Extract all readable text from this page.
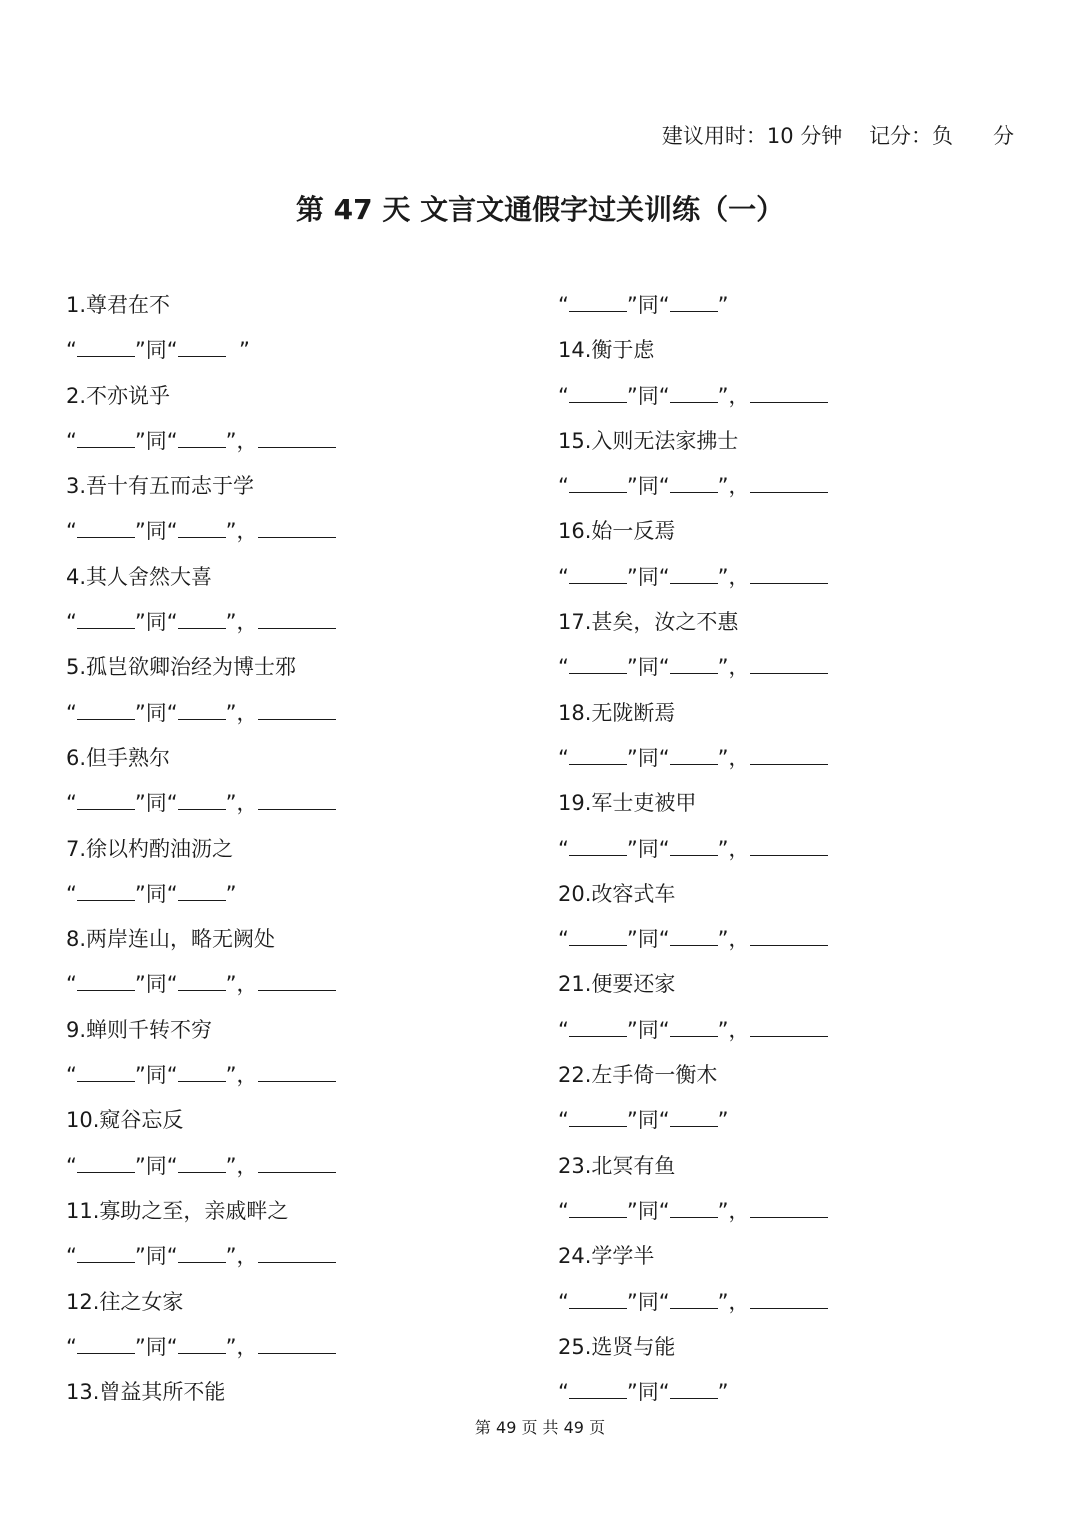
建议用时：10 分钟    记分：负      分
第 47 天 文言文通假字过关训练（一）
1.尊君在不
“	”同“  ”
2.不亦说乎
“	”同“ ”，
3.吾十有五而志于学
“	”同“ ”，
4.其人舍然大喜
“	”同“ ”，
5.孤岂欲卿治经为博士邪
“	”同“ ”，
6.但手熟尔
“	”同“ ”，
7.徐以杓酌油沥之
“	”同“ ”
8.两岸连山，略无阙处
“	”同“ ”，
9.蝉则千转不穷
“	”同“ ”，
10.窥谷忘反
“	”同“ ”，
11.寡助之至，亲戚畔之
“	”同“ ”，
12.往之女家
“	”同“ ”，
13.曾益其所不能
“	”同“ ”
14.衡于虑
“	”同“ ”，
15.入则无法家拂士
“	”同“ ”，
16.始一反焉
“	”同“ ”，
17.甚矣，汝之不惠
“	”同“ ”，
18.无陇断焉
“	”同“ ”，
19.军士吏被甲
“	”同“ ”，
20.改容式车
“	”同“ ”，
21.便要还家
“	”同“ ”，
22.左手倚一衡木
“	”同“ ”
23.北冥有鱼
“	”同“ ”，
24.学学半
“	”同“ ”，
25.选贤与能
“	”同“ ”
第 49 页 共 49 页
